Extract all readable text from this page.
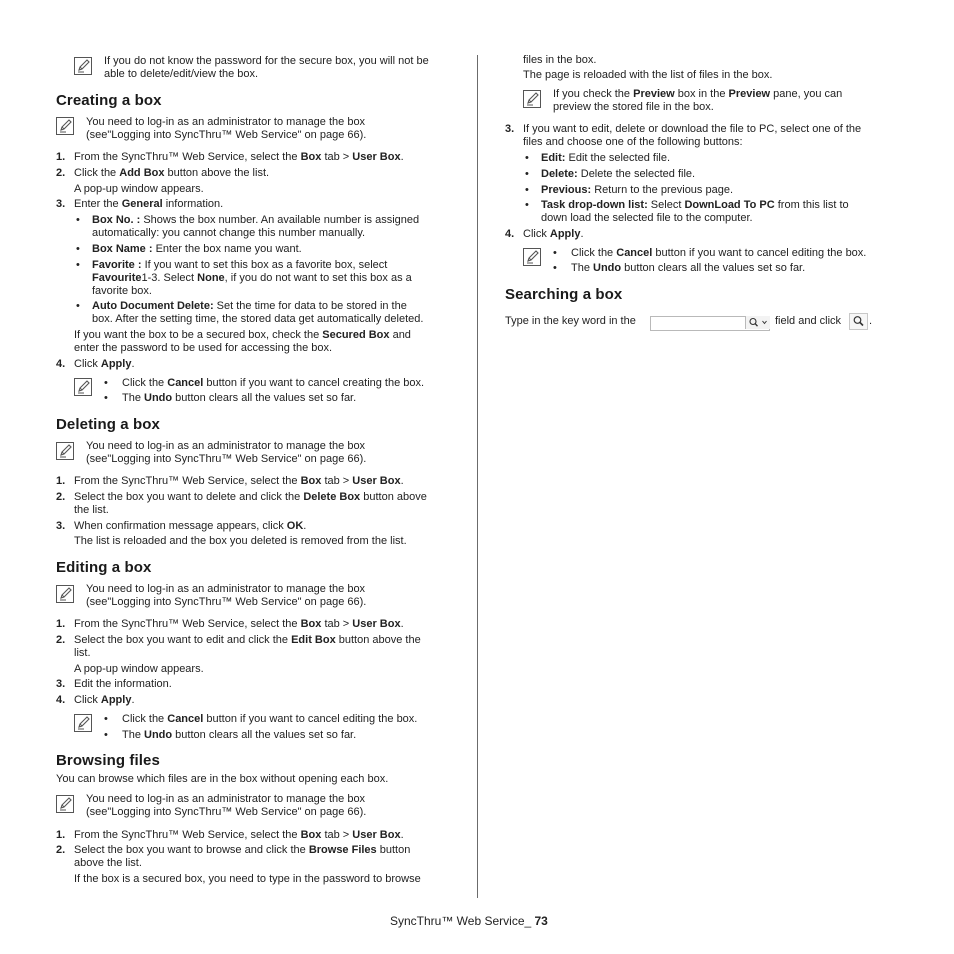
If you do not know the password for the secure box, you will not be
able to delete/edit/view the box.
Creating a box
You need to log-in as an administrator to manage the box
(see"Logging into SyncThru™ Web Service" on page 66).
1. From the SyncThru™ Web Service, select the Box tab > User Box.
2. Click the Add Box button above the list.
A pop-up window appears.
3. Enter the General information.
• Box No. : Shows the box number. An available number is assigned
automatically: you cannot change this number manually.
• Box Name : Enter the box name you want.
• Favorite : If you want to set this box as a favorite box, select
Favourite1-3. Select None, if you do not want to set this box as a
favorite box.
• Auto Document Delete: Set the time for data to be stored in the
box. After the setting time, the stored data get automatically deleted.
If you want the box to be a secured box, check the Secured Box and
enter the password to be used for accessing the box.
4. Click Apply.
• Click the Cancel button if you want to cancel creating the box.
• The Undo button clears all the values set so far.
Deleting a box
You need to log-in as an administrator to manage the box
(see"Logging into SyncThru™ Web Service" on page 66).
1. From the SyncThru™ Web Service, select the Box tab > User Box.
2. Select the box you want to delete and click the Delete Box button above
the list.
3. When confirmation message appears, click OK.
The list is reloaded and the box you deleted is removed from the list.
Editing a box
You need to log-in as an administrator to manage the box
(see"Logging into SyncThru™ Web Service" on page 66).
1. From the SyncThru™ Web Service, select the Box tab > User Box.
2. Select the box you want to edit and click the Edit Box button above the
list.
A pop-up window appears.
3. Edit the information.
4. Click Apply.
• Click the Cancel button if you want to cancel editing the box.
• The Undo button clears all the values set so far.
Browsing files
You can browse which files are in the box without opening each box.
You need to log-in as an administrator to manage the box
(see"Logging into SyncThru™ Web Service" on page 66).
1. From the SyncThru™ Web Service, select the Box tab > User Box.
2. Select the box you want to browse and click the Browse Files button
above the list.
If the box is a secured box, you need to type in the password to browse
files in the box.
The page is reloaded with the list of files in the box.
If you check the Preview box in the Preview pane, you can
preview the stored file in the box.
3. If you want to edit, delete or download the file to PC, select one of the
files and choose one of the following buttons:
• Edit: Edit the selected file.
• Delete: Delete the selected file.
• Previous: Return to the previous page.
• Task drop-down list: Select DownLoad To PC from this list to
down load the selected file to the computer.
4. Click Apply.
• Click the Cancel button if you want to cancel editing the box.
• The Undo button clears all the values set so far.
Searching a box
Type in the key word in the	field and click	.
SyncThru™ Web Service_ 73
